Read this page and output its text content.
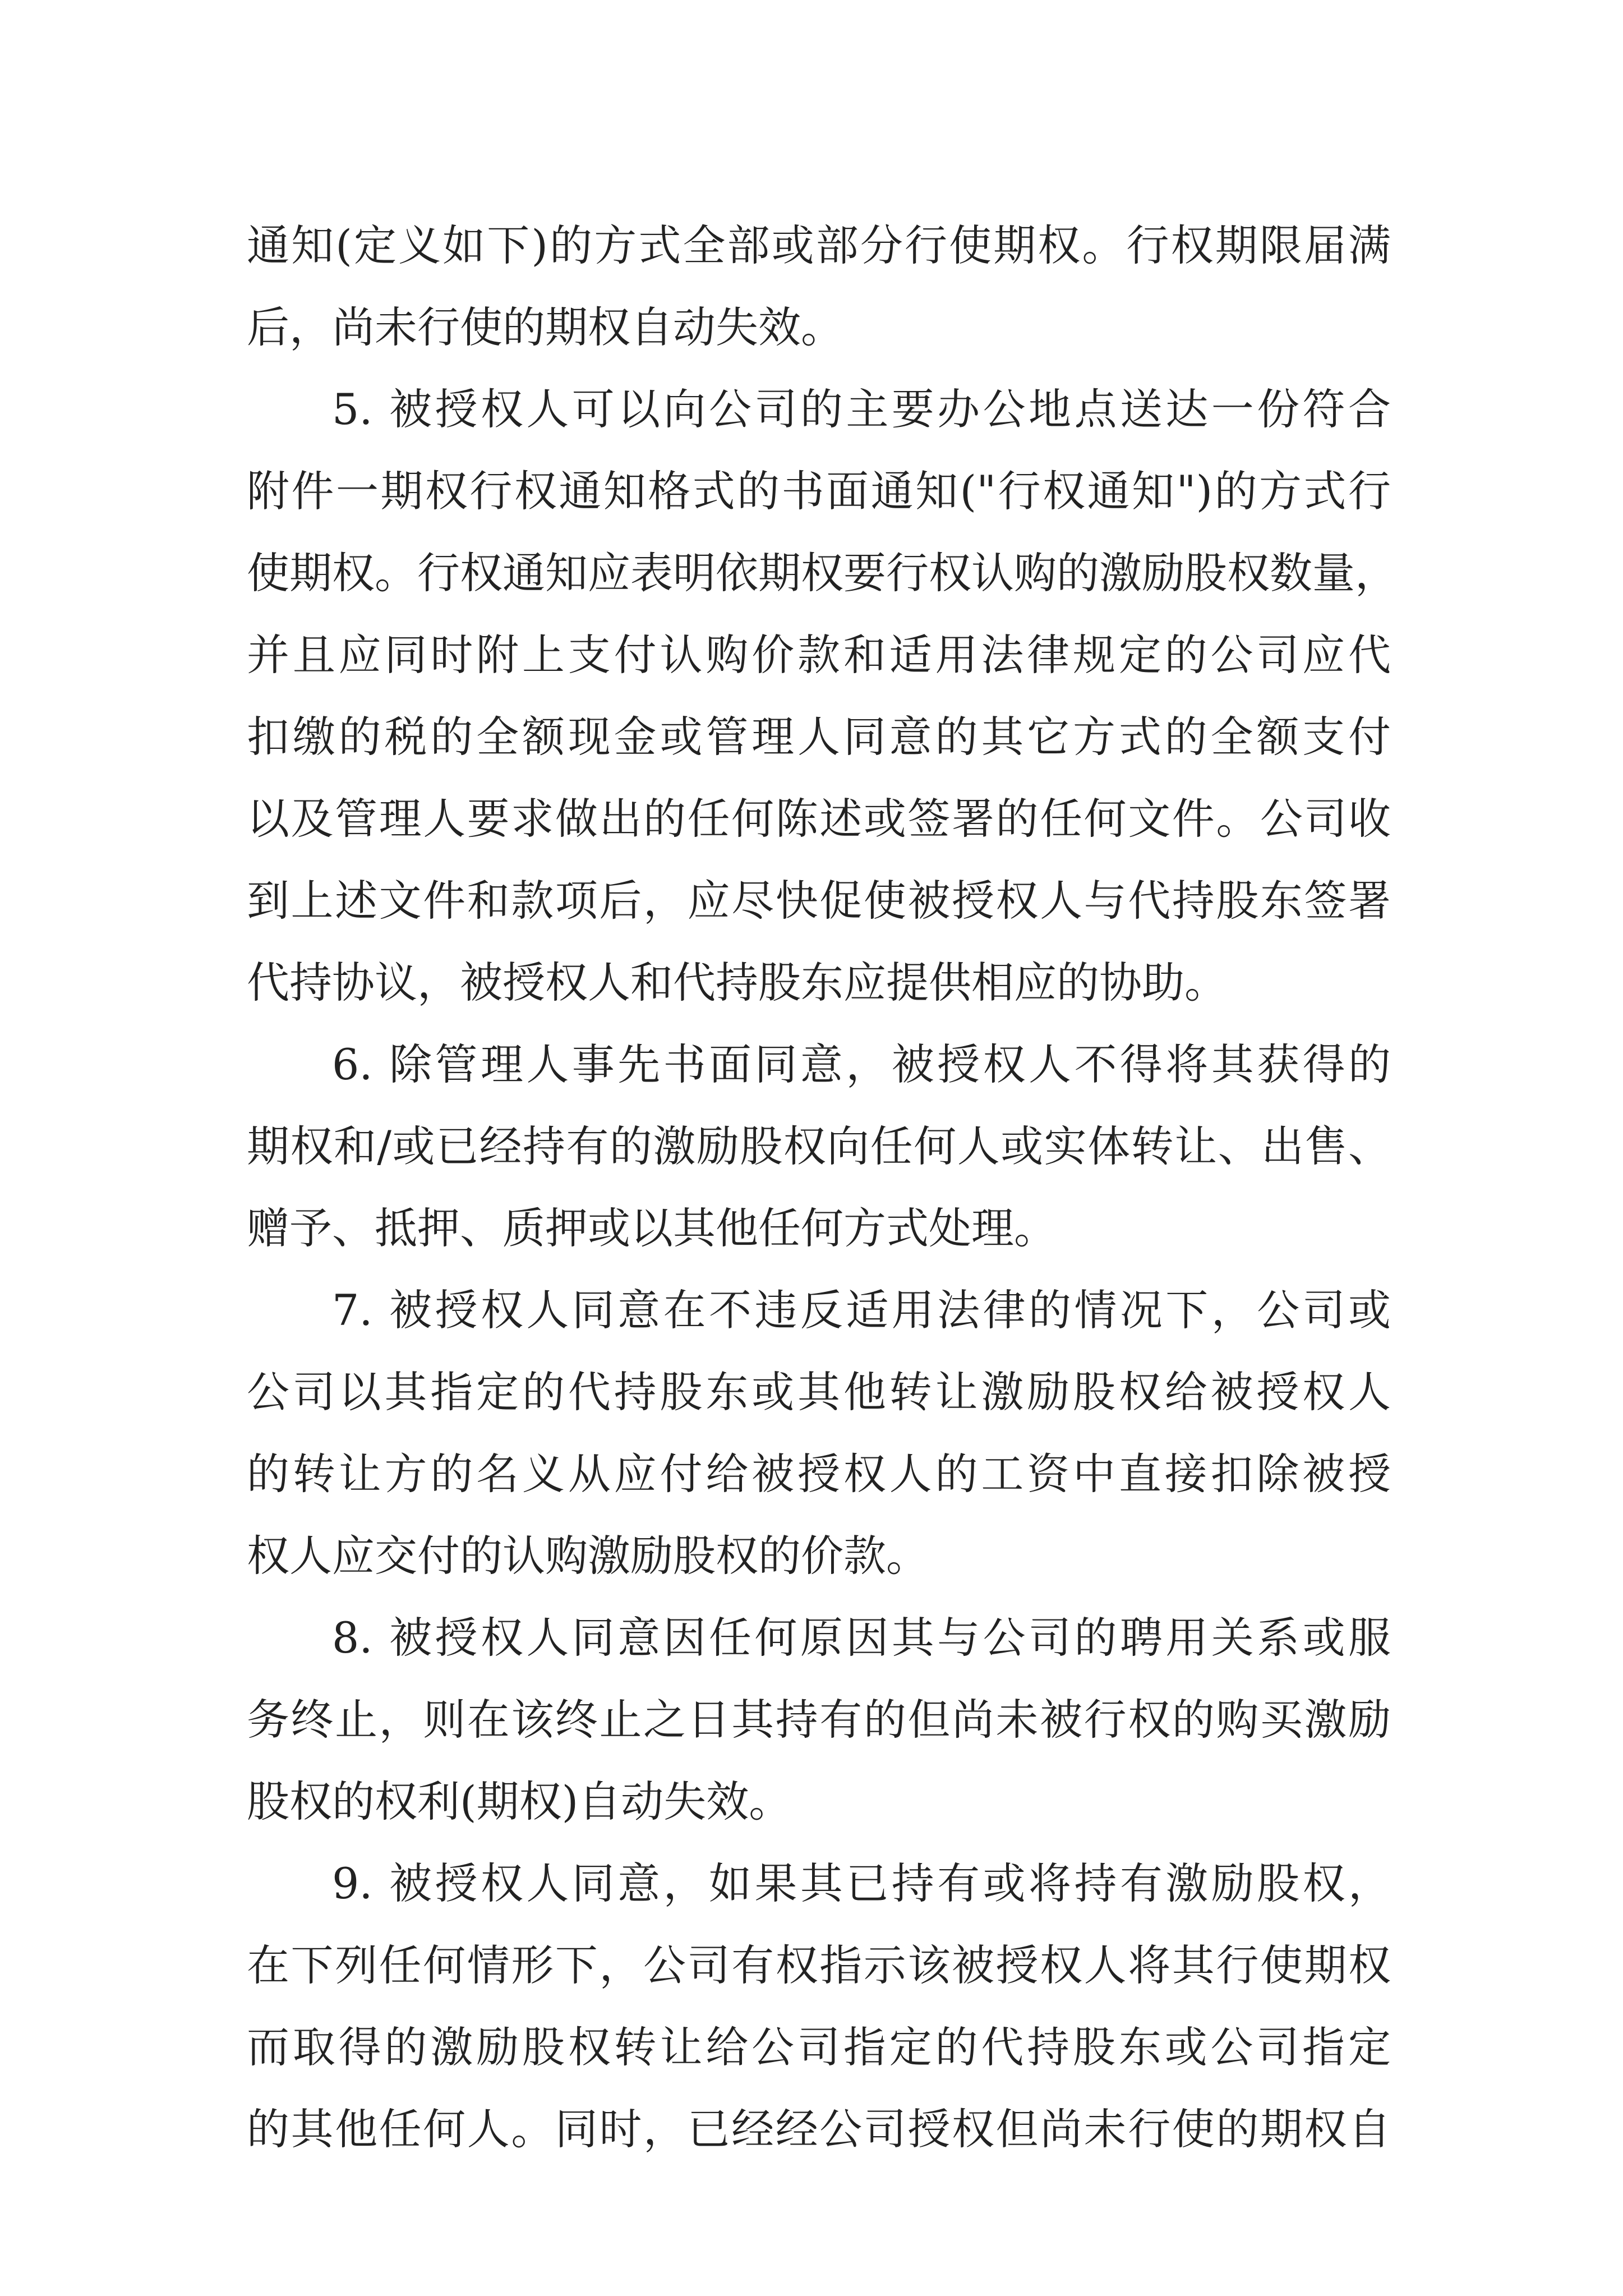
通知(定义如下)的方式全部或部分行使期权。行权期限届满
后，尚未行使的期权自动失效。
5. 被授权人可以向公司的主要办公地点送达一份符合
附件一期权行权通知格式的书面通知("行权通知")的方式行
使期权。行权通知应表明依期权要行权认购的激励股权数量，
并且应同时附上支付认购价款和适用法律规定的公司应代
扣缴的税的全额现金或管理人同意的其它方式的全额支付
以及管理人要求做出的任何陈述或签署的任何文件。公司收
到上述文件和款项后，应尽快促使被授权人与代持股东签署
代持协议，被授权人和代持股东应提供相应的协助。
6. 除管理人事先书面同意，被授权人不得将其获得的
期权和/或已经持有的激励股权向任何人或实体转让、出售、
赠予、抵押、质押或以其他任何方式处理。
7. 被授权人同意在不违反适用法律的情况下，公司或
公司以其指定的代持股东或其他转让激励股权给被授权人
的转让方的名义从应付给被授权人的工资中直接扣除被授
权人应交付的认购激励股权的价款。
8. 被授权人同意因任何原因其与公司的聘用关系或服
务终止，则在该终止之日其持有的但尚未被行权的购买激励
股权的权利(期权)自动失效。
9. 被授权人同意，如果其已持有或将持有激励股权，
在下列任何情形下，公司有权指示该被授权人将其行使期权
而取得的激励股权转让给公司指定的代持股东或公司指定
的其他任何人。同时，已经经公司授权但尚未行使的期权自
